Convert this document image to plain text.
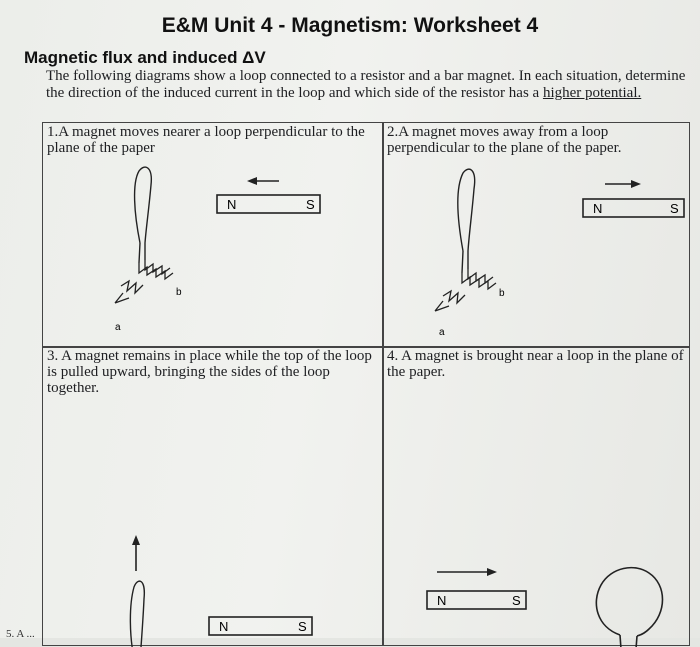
E&M Unit 4 - Magnetism: Worksheet 4
Magnetic flux and induced ΔV
The following diagrams show a loop connected to a resistor and a bar magnet. In each situation, determine the direction of the induced current in the loop and which side of the resistor has a higher potential.
1.A magnet moves nearer a loop perpendicular to the plane of the paper
a
b
N	S
2.A magnet moves away from a loop perpendicular to the plane of the paper.
a
b
N	S
3. A magnet remains in place while the top of the loop is pulled upward, bringing the sides of the loop together.
N	S
4. A magnet is brought near a loop in the plane of the paper.
N	S
5. A ...
